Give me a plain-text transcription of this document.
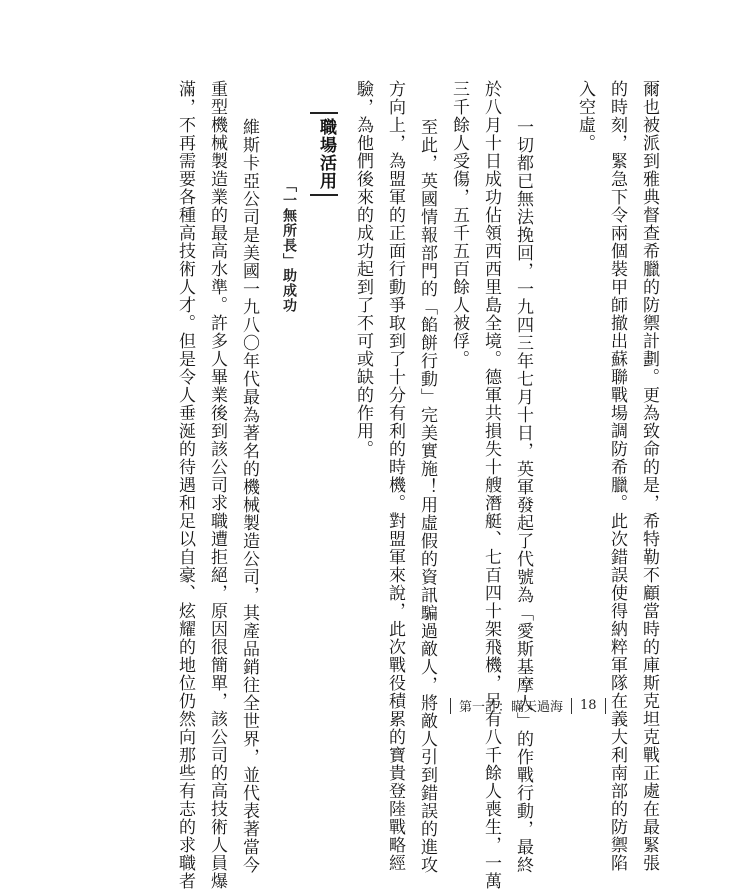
爾也被派到雅典督查希臘的防禦計劃。更為致命的是，希特勒不顧當時的庫斯克坦克戰正處在最緊張
的時刻，緊急下令兩個裝甲師撤出蘇聯戰場調防希臘。此次錯誤使得納粹軍隊在義大利南部的防禦陷
入空虛。
一切都已無法挽回，一九四三年七月十日，英軍發起了代號為「愛斯基摩人」的作戰行動，最終
於八月十日成功佔領西西里島全境。德軍共損失十艘潛艇、七百四十架飛機，另有八千餘人喪生，一萬
三千餘人受傷，五千五百餘人被俘。
至此，英國情報部門的「餡餅行動」完美實施！用虛假的資訊騙過敵人，將敵人引到錯誤的進攻
方向上，為盟軍的正面行動爭取到了十分有利的時機。對盟軍來說，此次戰役積累的寶貴登陸戰略經
驗，為他們後來的成功起到了不可或缺的作用。
職場活用
「一無所長」助成功
維斯卡亞公司是美國一九八〇年代最為著名的機械製造公司，其產品銷往全世界，並代表著當今
重型機械製造業的最高水準。許多人畢業後到該公司求職遭拒絕，原因很簡單，該公司的高技術人員爆
滿，不再需要各種高技術人才。但是令人垂涎的待遇和足以自豪、炫耀的地位仍然向那些有志的求職者	第一計：瞞天過海 18
